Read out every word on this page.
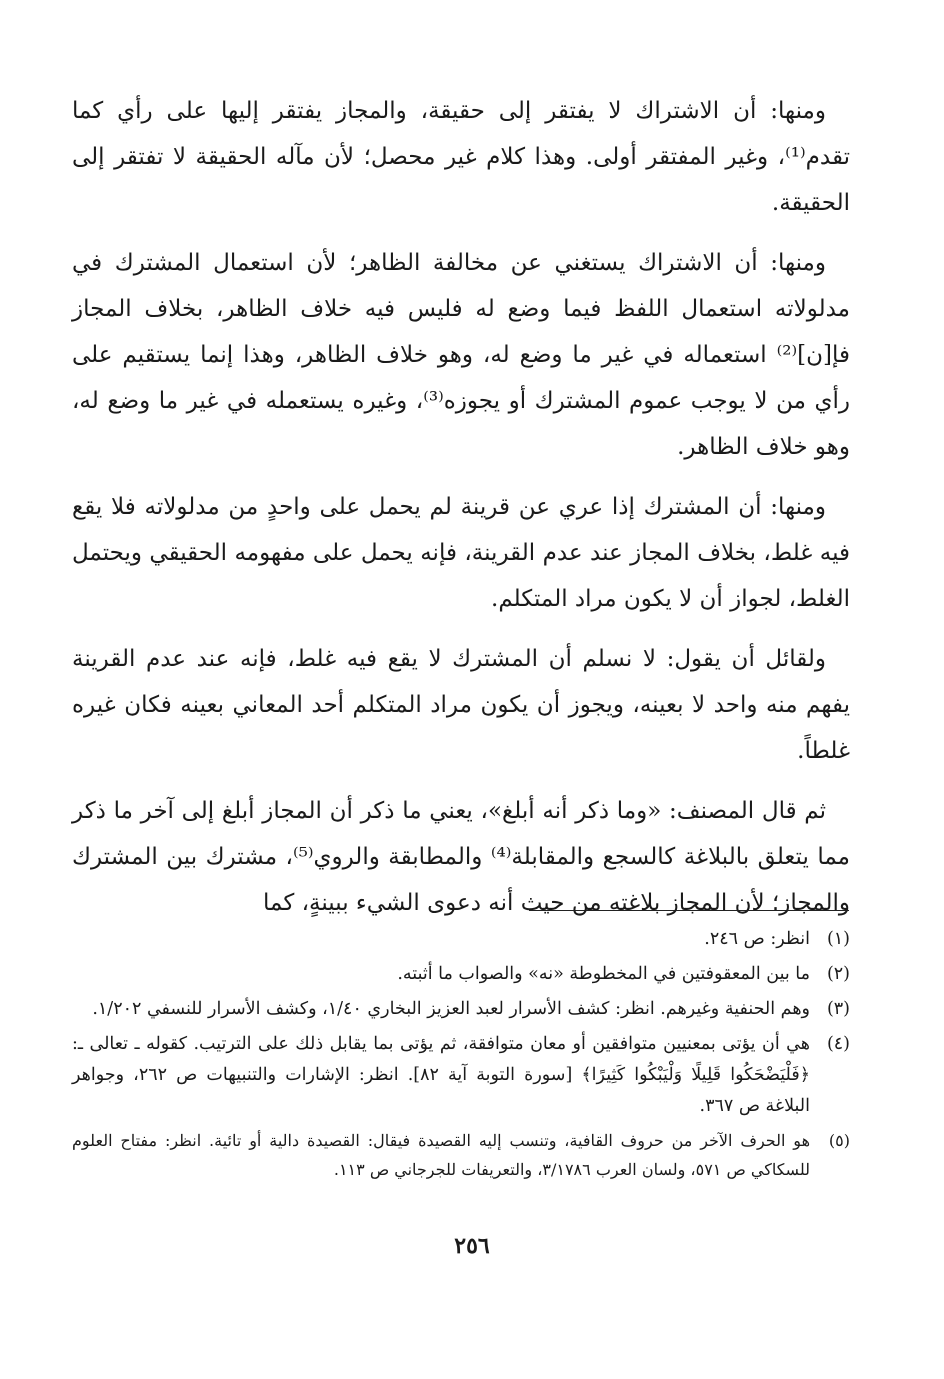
ومنها: أن الاشتراك لا يفتقر إلى حقيقة، والمجاز يفتقر إليها على رأي كما تقدم⁽¹⁾، وغير المفتقر أولى. وهذا كلام غير محصل؛ لأن مآله الحقيقة لا تفتقر إلى الحقيقة.

ومنها: أن الاشتراك يستغني عن مخالفة الظاهر؛ لأن استعمال المشترك في مدلولاته استعمال اللفظ فيما وضع له فليس فيه خلاف الظاهر، بخلاف المجاز فإ[ن]⁽²⁾ استعماله في غير ما وضع له، وهو خلاف الظاهر، وهذا إنما يستقيم على رأي من لا يوجب عموم المشترك أو يجوزه⁽³⁾، وغيره يستعمله في غير ما وضع له، وهو خلاف الظاهر.

ومنها: أن المشترك إذا عري عن قرينة لم يحمل على واحدٍ من مدلولاته فلا يقع فيه غلط، بخلاف المجاز عند عدم القرينة، فإنه يحمل على مفهومه الحقيقي ويحتمل الغلط، لجواز أن لا يكون مراد المتكلم.

ولقائل أن يقول: لا نسلم أن المشترك لا يقع فيه غلط، فإنه عند عدم القرينة يفهم منه واحد لا بعينه، ويجوز أن يكون مراد المتكلم أحد المعاني بعينه فكان غيره غلطاً.

ثم قال المصنف: «وما ذكر أنه أبلغ»، يعني ما ذكر أن المجاز أبلغ إلى آخر ما ذكر مما يتعلق بالبلاغة كالسجع والمقابلة⁽⁴⁾ والمطابقة والروي⁽⁵⁾، مشترك بين المشترك والمجاز؛ لأن المجاز بلاغته من حيث أنه دعوى الشيء ببينةٍ، كما

(١)
انظر: ص ٢٤٦.
(٢)
ما بين المعقوفتين في المخطوطة «نه» والصواب ما أثبته.
(٣)
وهم الحنفية وغيرهم. انظر: كشف الأسرار لعبد العزيز البخاري ١/٤٠، وكشف الأسرار للنسفي ١/٢٠٢.
(٤)
هي أن يؤتى بمعنيين متوافقين أو معان متوافقة، ثم يؤتى بما يقابل ذلك على الترتيب. كقوله ـ تعالى ـ: ﴿فَلْيَضْحَكُوا قَلِيلًا وَلْيَبْكُوا كَثِيرًا﴾ [سورة التوبة آية ٨٢]. انظر: الإشارات والتنبيهات ص ٢٦٢، وجواهر البلاغة ص ٣٦٧.
(٥)
هو الحرف الآخر من حروف القافية، وتنسب إليه القصيدة فيقال: القصيدة دالية أو تائية. انظر: مفتاح العلوم للسكاكي ص ٥٧١، ولسان العرب ٣/١٧٨٦، والتعريفات للجرجاني ص ١١٣.
٢٥٦
